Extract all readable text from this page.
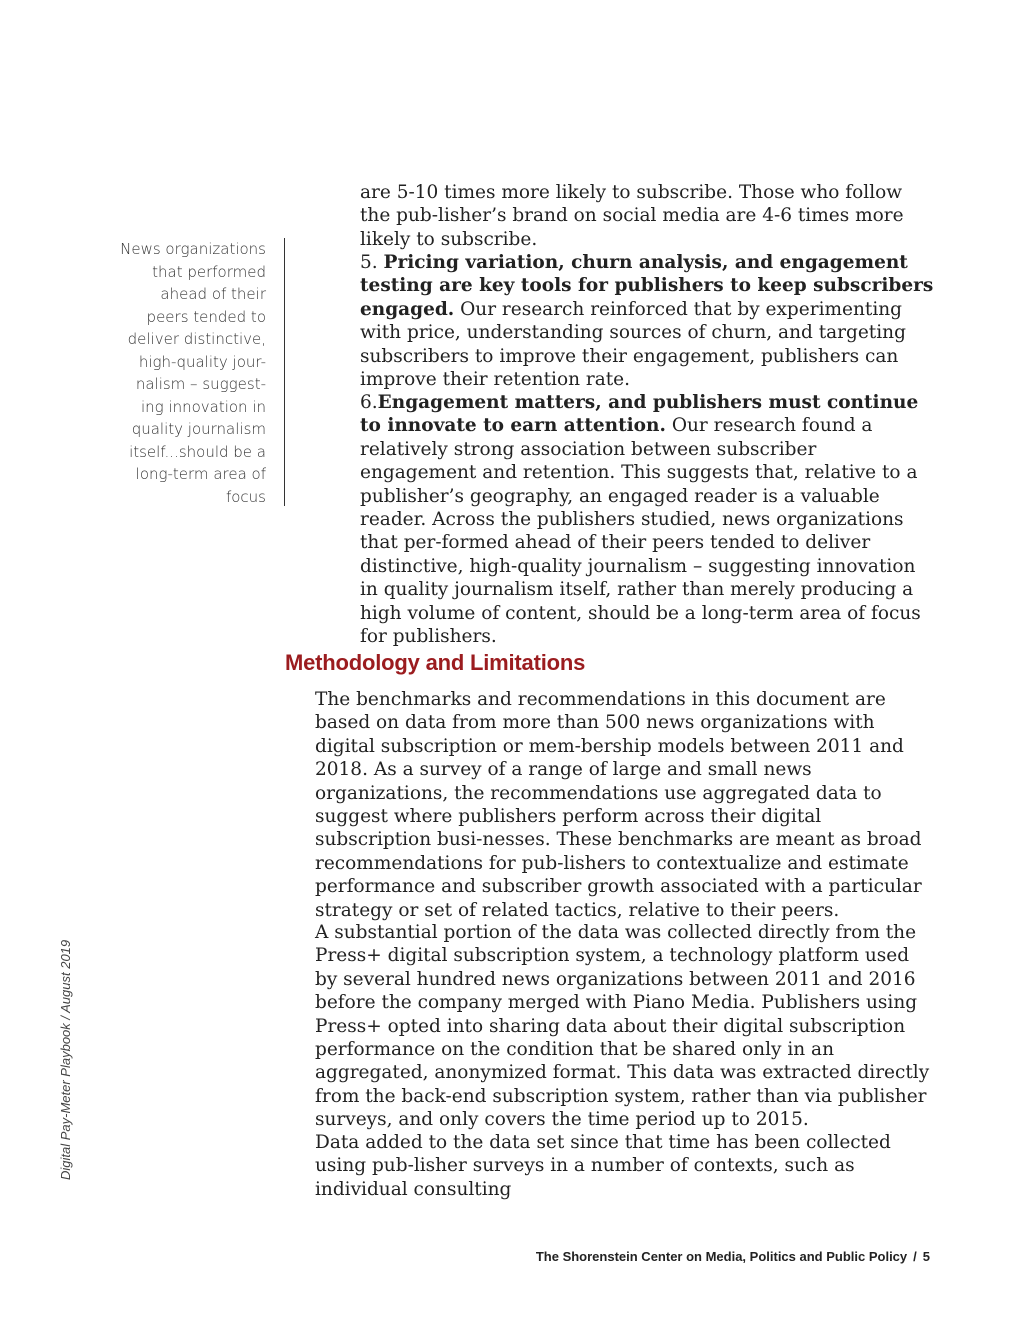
are 5-10 times more likely to subscribe. Those who follow the pub-lisher’s brand on social media are 4-6 times more likely to subscribe.

5. Pricing variation, churn analysis, and engagement testing are key tools for publishers to keep subscribers engaged. Our research reinforced that by experimenting with price, understanding sources of churn, and targeting subscribers to improve their engagement, publishers can improve their retention rate.

6.Engagement matters, and publishers must continue to innovate to earn attention. Our research found a relatively strong association between subscriber engagement and retention. This suggests that, relative to a publisher’s geography, an engaged reader is a valuable reader. Across the publishers studied, news organizations that per-formed ahead of their peers tended to deliver distinctive, high-quality journalism – suggesting innovation in quality journalism itself, rather than merely producing a high volume of content, should be a long-term area of focus for publishers.

News organizations that performed ahead of their peers tended to deliver distinctive, high-quality jour-nalism – suggest-ing innovation in quality journalism itself...should be a long-term area of focus

Methodology and Limitations

The benchmarks and recommendations in this document are based on data from more than 500 news organizations with digital subscription or mem-bership models between 2011 and 2018. As a survey of a range of large and small news organizations, the recommendations use aggregated data to suggest where publishers perform across their digital subscription busi-nesses. These benchmarks are meant as broad recommendations for pub-lishers to contextualize and estimate performance and subscriber growth associated with a particular strategy or set of related tactics, relative to their peers.

A substantial portion of the data was collected directly from the Press+ digital subscription system, a technology platform used by several hundred news organizations between 2011 and 2016 before the company merged with Piano Media. Publishers using Press+ opted into sharing data about their digital subscription performance on the condition that be shared only in an aggregated, anonymized format. This data was extracted directly from the back-end subscription system, rather than via publisher surveys, and only covers the time period up to 2015.

Data added to the data set since that time has been collected using pub-lisher surveys in a number of contexts, such as individual consulting

Digital Pay-Meter Playbook / August 2019
The Shorenstein Center on Media, Politics and Public Policy / 5
